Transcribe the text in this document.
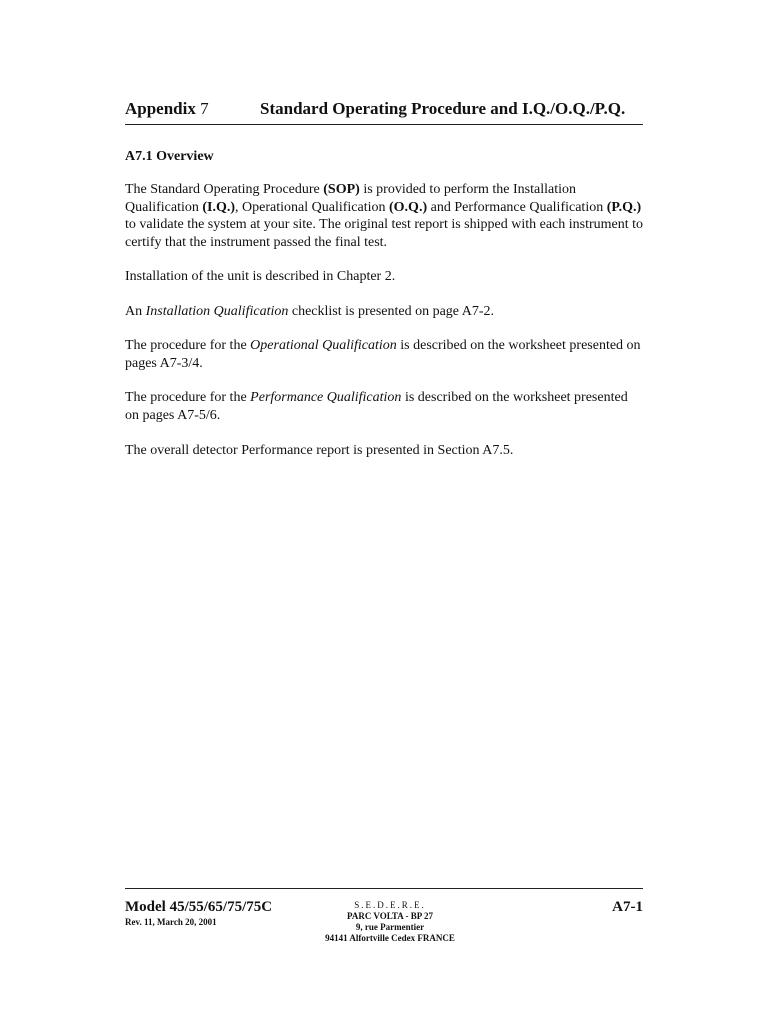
Appendix 7	Standard Operating Procedure and I.Q./O.Q./P.Q.
A7.1 Overview

The Standard Operating Procedure (SOP) is provided to perform the Installation Qualification (I.Q.), Operational Qualification (O.Q.) and Performance Qualification (P.Q.) to validate the system at your site. The original test report is shipped with each instrument to certify that the instrument passed the final test.

Installation of the unit is described in Chapter 2.

An Installation Qualification checklist is presented on page A7-2.

The procedure for the Operational Qualification is described on the worksheet presented on pages A7-3/4.

The procedure for the Performance Qualification is described on the worksheet presented on pages A7-5/6.

The overall detector Performance report is presented in Section A7.5.

Model 45/55/65/75/75C
Rev. 11, March 20, 2001
S.E.D.E.R.E.
PARC VOLTA - BP 27
9, rue Parmentier
94141 Alfortville Cedex FRANCE
A7-1
